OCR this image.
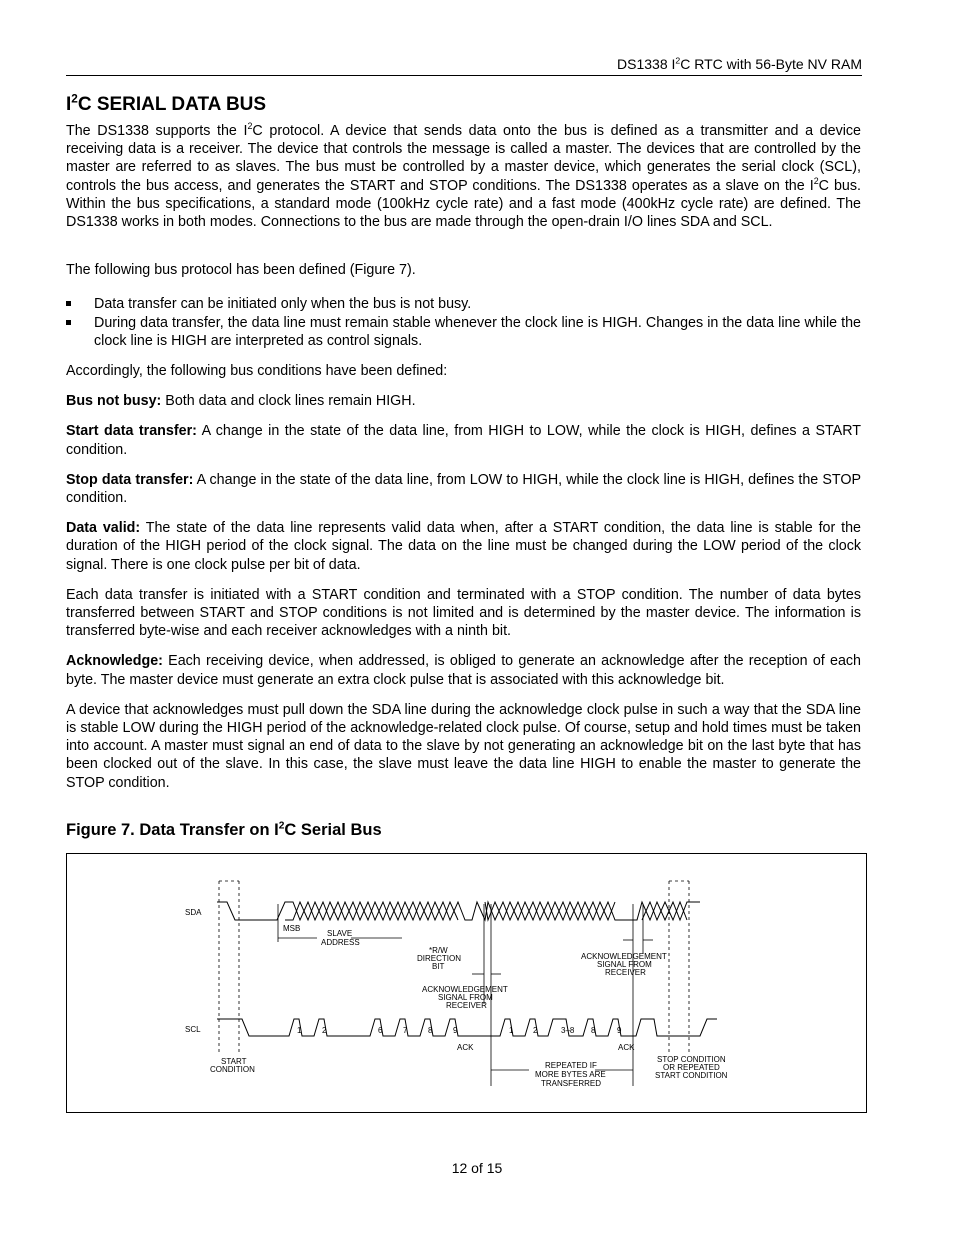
DS1338 $I^2C$ RTC with 56-Byte NV RAM
$I^2C$ SERIAL DATA BUS

The DS1338 supports the $I^2C$ protocol. A device that sends data onto the bus is defined as a transmitter and a device receiving data is a receiver. The device that controls the message is called a master. The devices that are controlled by the master are referred to as slaves. The bus must be controlled by a master device, which generates the serial clock (SCL), controls the bus access, and generates the START and STOP conditions. The DS1338 operates as a slave on the $I^2C$ bus. Within the bus specifications, a standard mode (100kHz cycle rate) and a fast mode (400kHz cycle rate) are defined. The DS1338 works in both modes. Connections to the bus are made through the open-drain I/O lines SDA and SCL.

The following bus protocol has been defined (Figure 7).

Data transfer can be initiated only when the bus is not busy.
During data transfer, the data line must remain stable whenever the clock line is HIGH. Changes in the data line while the clock line is HIGH are interpreted as control signals.

Accordingly, the following bus conditions have been defined:

Bus not busy: Both data and clock lines remain HIGH.

Start data transfer: A change in the state of the data line, from HIGH to LOW, while the clock is HIGH, defines a START condition.

Stop data transfer: A change in the state of the data line, from LOW to HIGH, while the clock line is HIGH, defines the STOP condition.

Data valid: The state of the data line represents valid data when, after a START condition, the data line is stable for the duration of the HIGH period of the clock signal. The data on the line must be changed during the LOW period of the clock signal. There is one clock pulse per bit of data.

Each data transfer is initiated with a START condition and terminated with a STOP condition. The number of data bytes transferred between START and STOP conditions is not limited and is determined by the master device. The information is transferred byte-wise and each receiver acknowledges with a ninth bit.

Acknowledge: Each receiving device, when addressed, is obliged to generate an acknowledge after the reception of each byte. The master device must generate an extra clock pulse that is associated with this acknowledge bit.

A device that acknowledges must pull down the SDA line during the acknowledge clock pulse in such a way that the SDA line is stable LOW during the HIGH period of the acknowledge-related clock pulse. Of course, setup and hold times must be taken into account. A master must signal an end of data to the slave by not generating an acknowledge bit on the last byte that has been clocked out of the slave. In this case, the slave must leave the data line HIGH to enable the master to generate the STOP condition.

Figure 7. Data Transfer on $I^2C$ Serial Bus
SDA
SCL
MSB
SLAVE
ADDRESS
*R/W
DIRECTION
BIT
ACKNOWLEDGEMENT
SIGNAL FROM
RECEIVER
ACKNOWLEDGEMENT
SIGNAL FROM
RECEIVER
START
CONDITION
STOP CONDITION
OR REPEATED
START CONDITION
REPEATED IF
MORE BYTES ARE
TRANSFERRED
ACK	ACK
1	2	6	7	8	9	1 2	3–8 8	9
12 of 15
